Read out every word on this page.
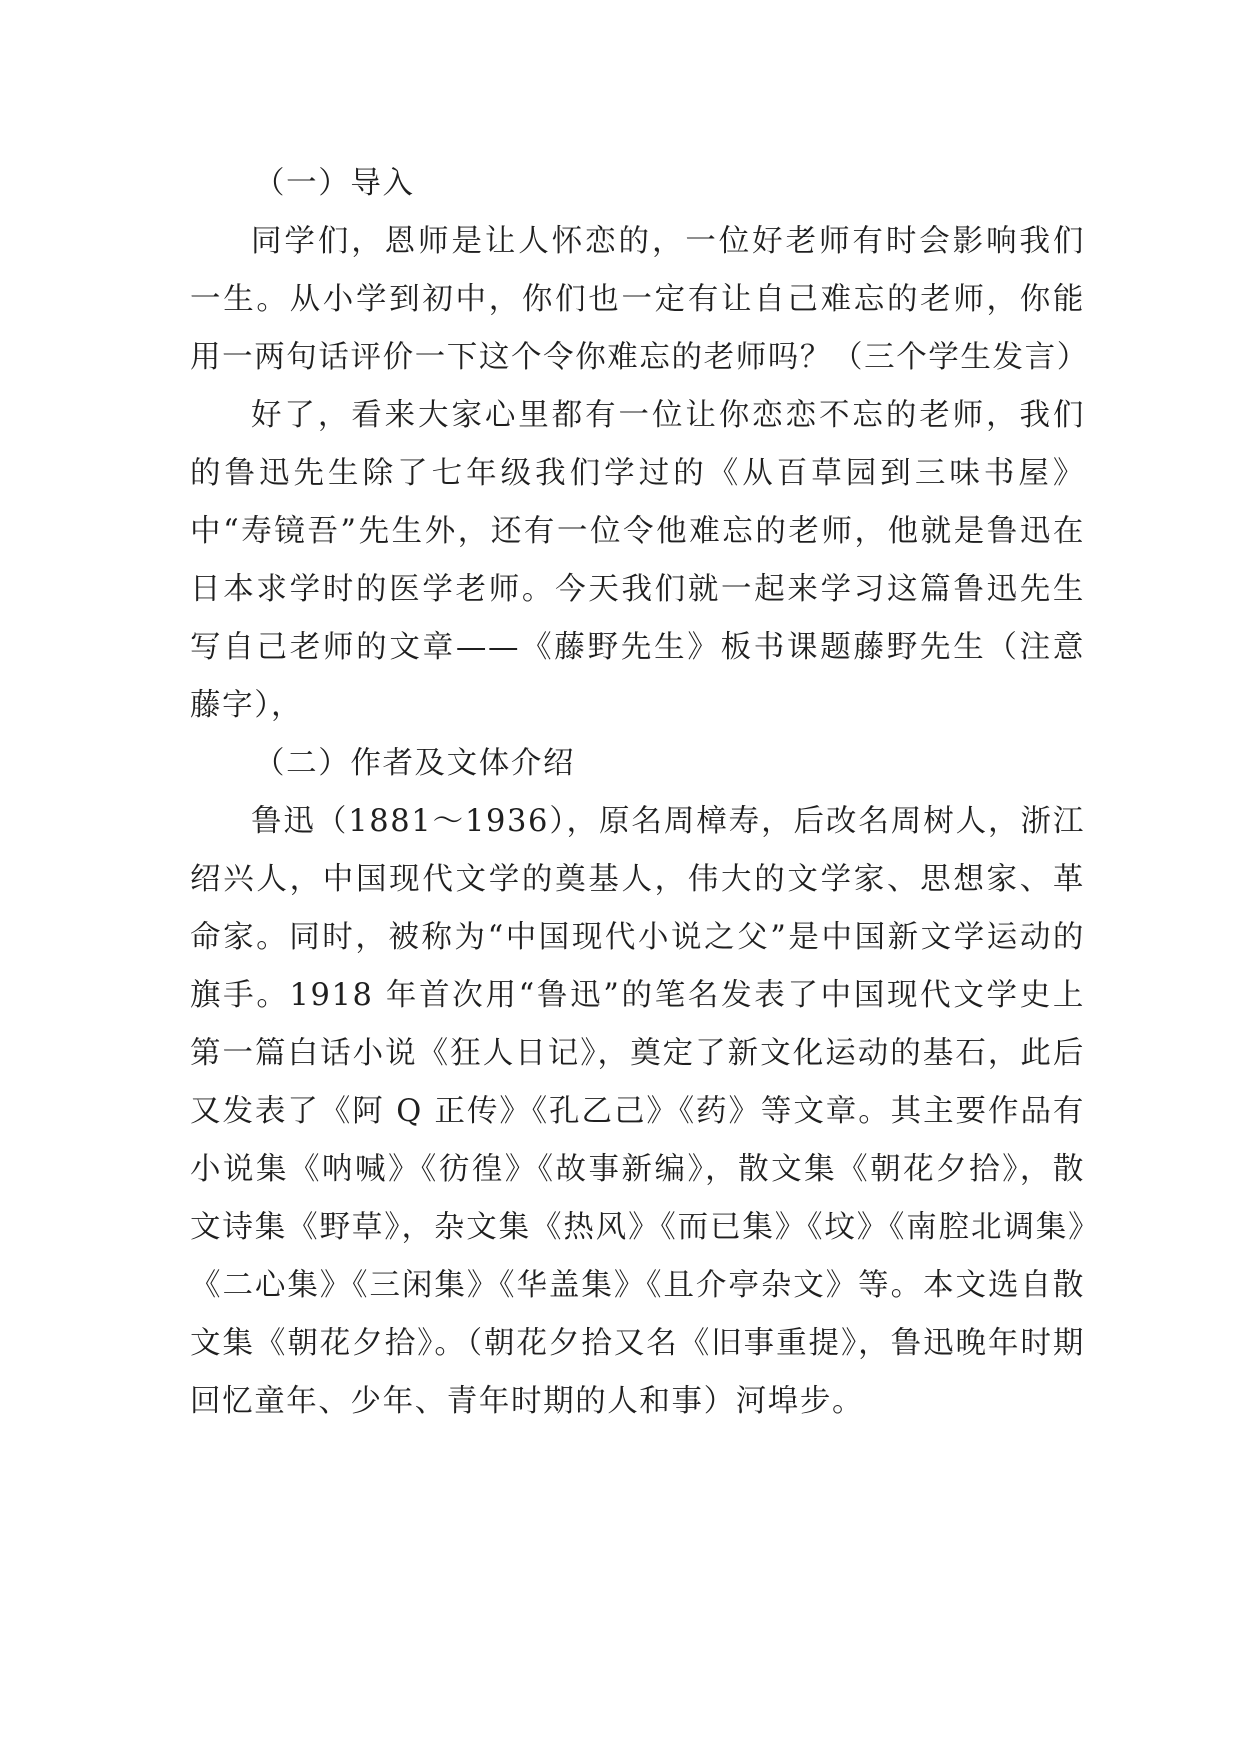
（一）导入

同学们，恩师是让人怀恋的，一位好老师有时会影响我们一生。从小学到初中，你们也一定有让自己难忘的老师，你能用一两句话评价一下这个令你难忘的老师吗？（三个学生发言）

好了，看来大家心里都有一位让你恋恋不忘的老师，我们的鲁迅先生除了七年级我们学过的《从百草园到三味书屋》中“寿镜吾”先生外，还有一位令他难忘的老师，他就是鲁迅在日本求学时的医学老师。今天我们就一起来学习这篇鲁迅先生写自己老师的文章——《藤野先生》板书课题藤野先生（注意藤字），

（二）作者及文体介绍

鲁迅（1881～1936），原名周樟寿，后改名周树人，浙江绍兴人，中国现代文学的奠基人，伟大的文学家、思想家、革命家。同时，被称为“中国现代小说之父”是中国新文学运动的旗手。1918 年首次用“鲁迅”的笔名发表了中国现代文学史上第一篇白话小说《狂人日记》，奠定了新文化运动的基石，此后又发表了《阿 Q 正传》《孔乙己》《药》等文章。其主要作品有小说集《呐喊》《彷徨》《故事新编》，散文集《朝花夕拾》，散文诗集《野草》，杂文集《热风》《而已集》《坟》《南腔北调集》《二心集》《三闲集》《华盖集》《且介亭杂文》等。本文选自散文集《朝花夕拾》。（朝花夕拾又名《旧事重提》，鲁迅晚年时期回忆童年、少年、青年时期的人和事）河埠步。
